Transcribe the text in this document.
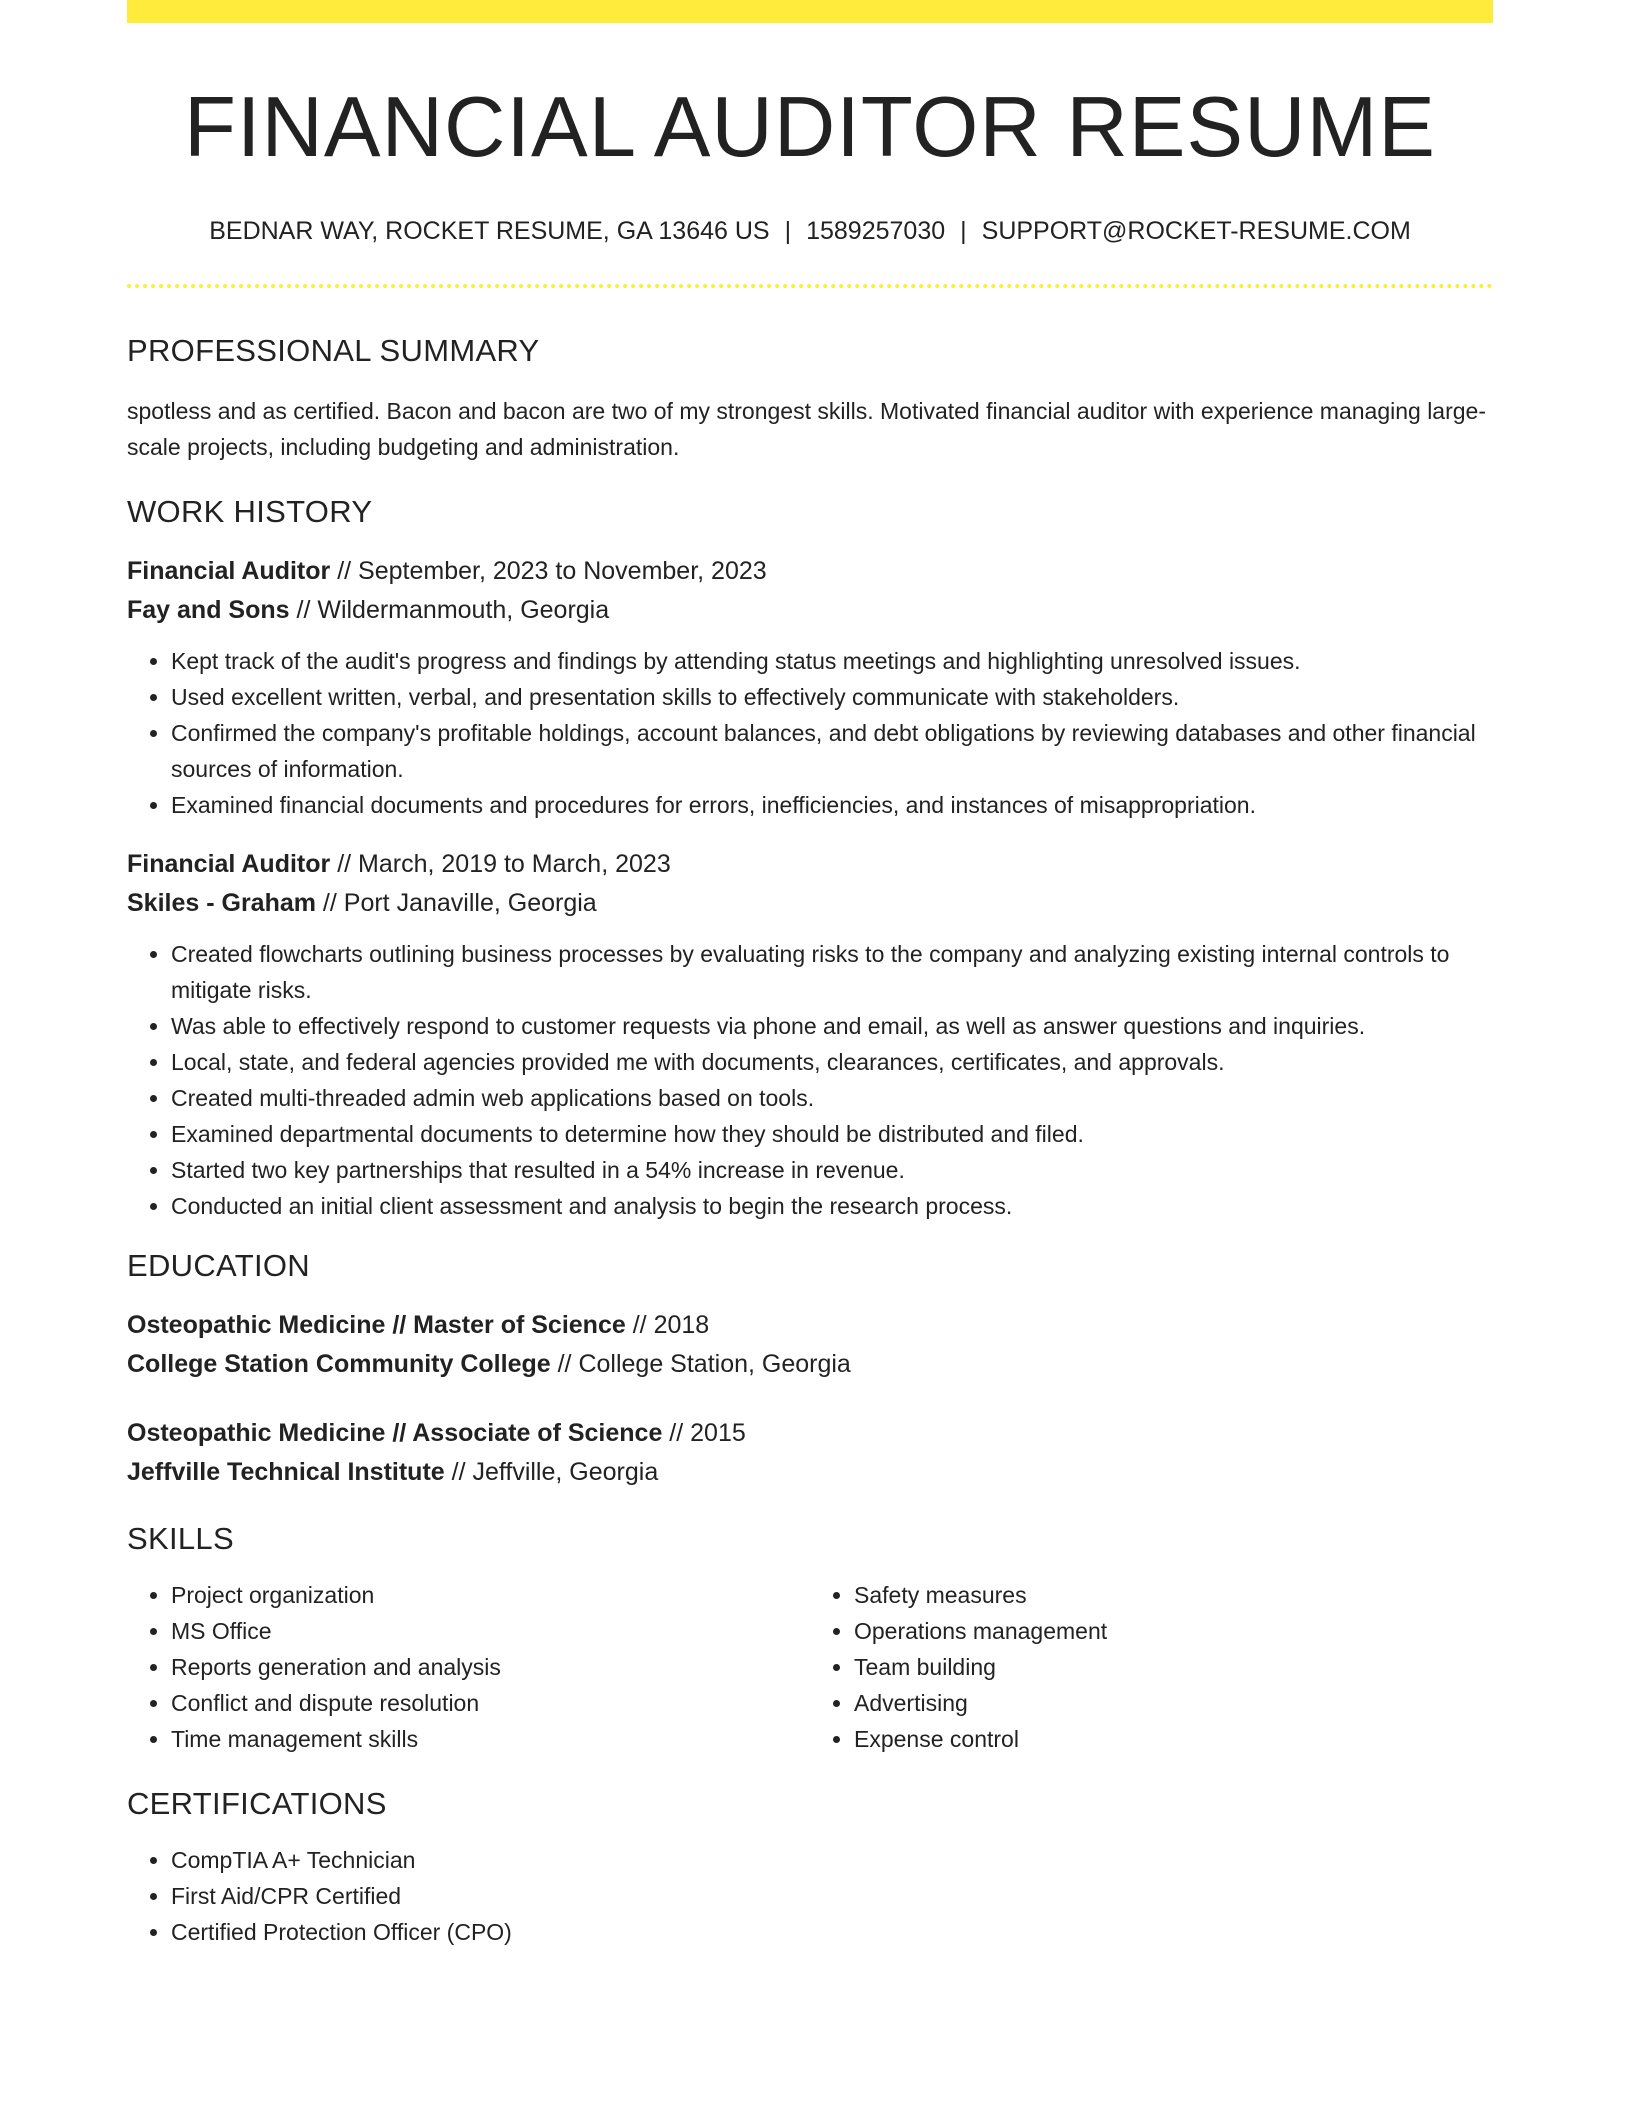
FINANCIAL AUDITOR RESUME
BEDNAR WAY, ROCKET RESUME, GA 13646 US | 1589257030 | SUPPORT@ROCKET-RESUME.COM
PROFESSIONAL SUMMARY
spotless and as certified. Bacon and bacon are two of my strongest skills. Motivated financial auditor with experience managing large-scale projects, including budgeting and administration.
WORK HISTORY
Financial Auditor // September, 2023 to November, 2023
Fay and Sons // Wildermanmouth, Georgia
• Kept track of the audit's progress and findings by attending status meetings and highlighting unresolved issues.
• Used excellent written, verbal, and presentation skills to effectively communicate with stakeholders.
• Confirmed the company's profitable holdings, account balances, and debt obligations by reviewing databases and other financial sources of information.
• Examined financial documents and procedures for errors, inefficiencies, and instances of misappropriation.
Financial Auditor // March, 2019 to March, 2023
Skiles - Graham // Port Janaville, Georgia
• Created flowcharts outlining business processes by evaluating risks to the company and analyzing existing internal controls to mitigate risks.
• Was able to effectively respond to customer requests via phone and email, as well as answer questions and inquiries.
• Local, state, and federal agencies provided me with documents, clearances, certificates, and approvals.
• Created multi-threaded admin web applications based on tools.
• Examined departmental documents to determine how they should be distributed and filed.
• Started two key partnerships that resulted in a 54% increase in revenue.
• Conducted an initial client assessment and analysis to begin the research process.
EDUCATION
Osteopathic Medicine // Master of Science // 2018
College Station Community College // College Station, Georgia
Osteopathic Medicine // Associate of Science // 2015
Jeffville Technical Institute // Jeffville, Georgia
SKILLS
• Project organization
• MS Office
• Reports generation and analysis
• Conflict and dispute resolution
• Time management skills
• Safety measures
• Operations management
• Team building
• Advertising
• Expense control
CERTIFICATIONS
• CompTIA A+ Technician
• First Aid/CPR Certified
• Certified Protection Officer (CPO)
